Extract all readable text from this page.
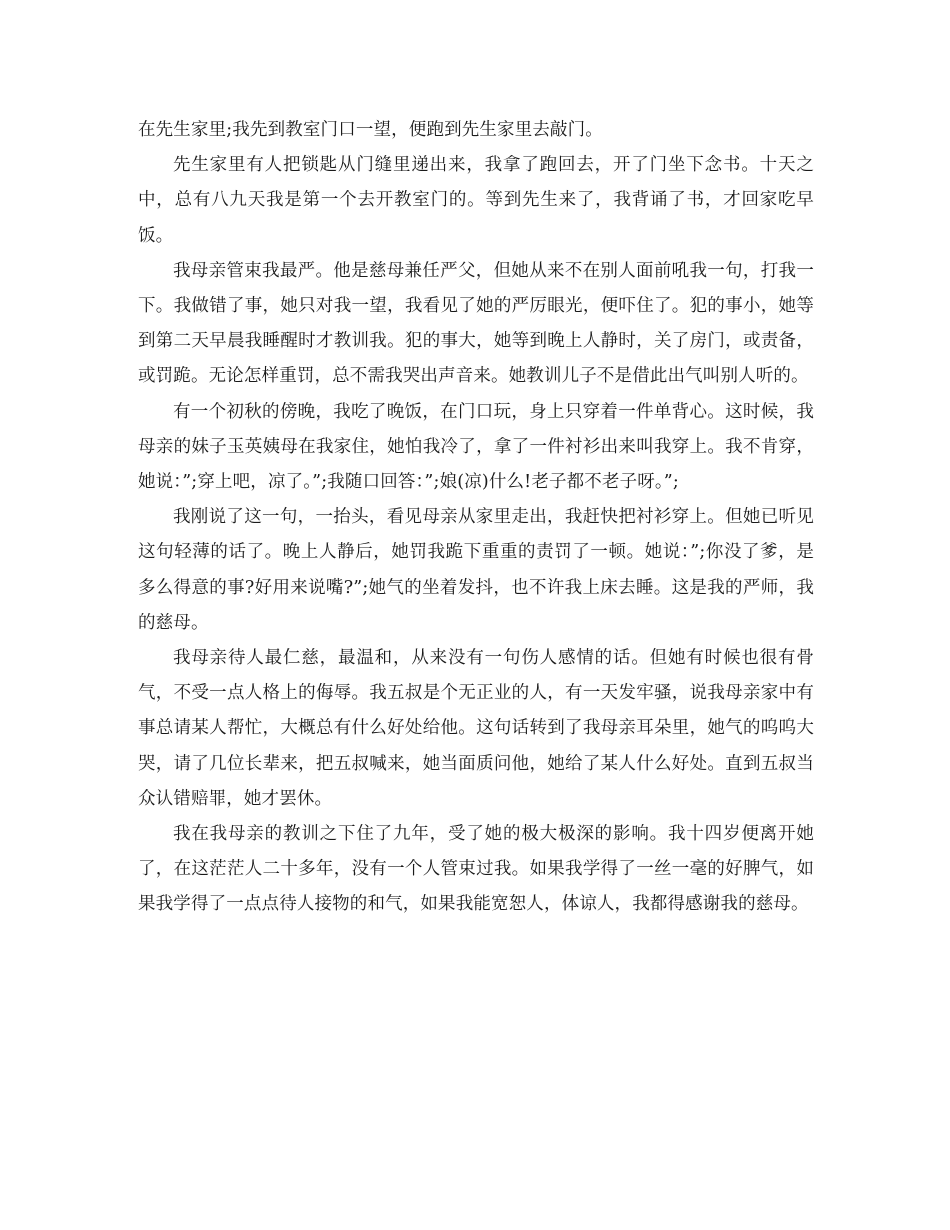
在先生家里;我先到教室门口一望，便跑到先生家里去敲门。

先生家里有人把锁匙从门缝里递出来，我拿了跑回去，开了门坐下念书。十天之中，总有八九天我是第一个去开教室门的。等到先生来了，我背诵了书，才回家吃早饭。

我母亲管束我最严。他是慈母兼任严父，但她从来不在别人面前吼我一句，打我一下。我做错了事，她只对我一望，我看见了她的严厉眼光，便吓住了。犯的事小，她等到第二天早晨我睡醒时才教训我。犯的事大，她等到晚上人静时，关了房门，或责备，或罚跪。无论怎样重罚，总不需我哭出声音来。她教训儿子不是借此出气叫别人听的。

有一个初秋的傍晚，我吃了晚饭，在门口玩，身上只穿着一件单背心。这时候，我母亲的妹子玉英姨母在我家住，她怕我冷了，拿了一件衬衫出来叫我穿上。我不肯穿，她说：”;穿上吧，凉了。”;我随口回答：”;娘(凉)什么!老子都不老子呀。”;

我刚说了这一句，一抬头，看见母亲从家里走出，我赶快把衬衫穿上。但她已听见这句轻薄的话了。晚上人静后，她罚我跪下重重的责罚了一顿。她说：”;你没了爹，是多么得意的事?好用来说嘴?”;她气的坐着发抖，也不许我上床去睡。这是我的严师，我的慈母。

我母亲待人最仁慈，最温和，从来没有一句伤人感情的话。但她有时候也很有骨气，不受一点人格上的侮辱。我五叔是个无正业的人，有一天发牢骚，说我母亲家中有事总请某人帮忙，大概总有什么好处给他。这句话转到了我母亲耳朵里，她气的呜呜大哭，请了几位长辈来，把五叔喊来，她当面质问他，她给了某人什么好处。直到五叔当众认错赔罪，她才罢休。

我在我母亲的教训之下住了九年，受了她的极大极深的影响。我十四岁便离开她了，在这茫茫人二十多年，没有一个人管束过我。如果我学得了一丝一毫的好脾气，如果我学得了一点点待人接物的和气，如果我能宽恕人，体谅人，我都得感谢我的慈母。
